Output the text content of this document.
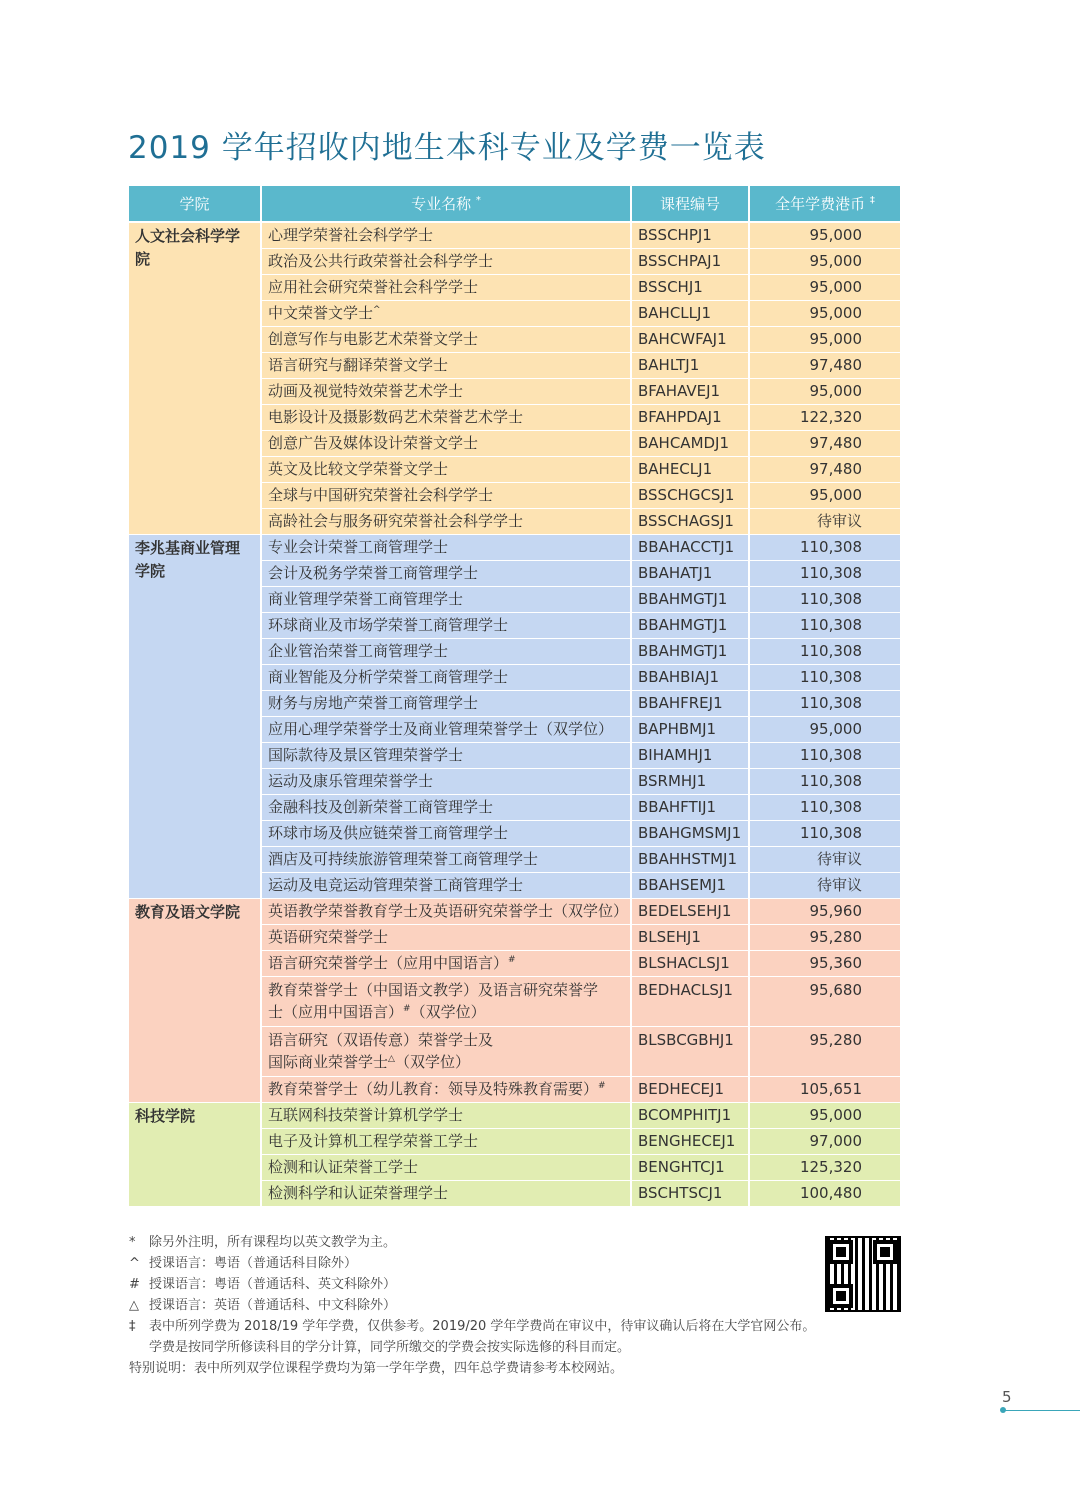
2019 学年招收内地生本科专业及学费一览表
学院	专业名称 *	课程编号	全年学费港币 ‡
人文社会科学学院	心理学荣誉社会科学学士	BSSCHPJ1	95,000
	政治及公共行政荣誉社会科学学士	BSSCHPAJ1	95,000
	应用社会研究荣誉社会科学学士	BSSCHJ1	95,000
	中文荣誉文学士^	BAHCLLJ1	95,000
	创意写作与电影艺术荣誉文学士	BAHCWFAJ1	95,000
	语言研究与翻译荣誉文学士	BAHLTJ1	97,480
	动画及视觉特效荣誉艺术学士	BFAHAVEJ1	95,000
	电影设计及摄影数码艺术荣誉艺术学士	BFAHPDAJ1	122,320
	创意广告及媒体设计荣誉文学士	BAHCAMDJ1	97,480
	英文及比较文学荣誉文学士	BAHECLJ1	97,480
	全球与中国研究荣誉社会科学学士	BSSCHGCSJ1	95,000
	高龄社会与服务研究荣誉社会科学学士	BSSCHAGSJ1	待审议
李兆基商业管理学院	专业会计荣誉工商管理学士	BBAHACCTJ1	110,308
	会计及税务学荣誉工商管理学士	BBAHATJ1	110,308
	商业管理学荣誉工商管理学士	BBAHMGTJ1	110,308
	环球商业及市场学荣誉工商管理学士	BBAHMGTJ1	110,308
	企业管治荣誉工商管理学士	BBAHMGTJ1	110,308
	商业智能及分析学荣誉工商管理学士	BBAHBIAJ1	110,308
	财务与房地产荣誉工商管理学士	BBAHFREJ1	110,308
	应用心理学荣誉学士及商业管理荣誉学士（双学位）	BAPHBMJ1	95,000
	国际款待及景区管理荣誉学士	BIHAMHJ1	110,308
	运动及康乐管理荣誉学士	BSRMHJ1	110,308
	金融科技及创新荣誉工商管理学士	BBAHFTIJ1	110,308
	环球市场及供应链荣誉工商管理学士	BBAHGMSMJ1	110,308
	酒店及可持续旅游管理荣誉工商管理学士	BBAHHSTMJ1	待审议
	运动及电竞运动管理荣誉工商管理学士	BBAHSEMJ1	待审议
教育及语文学院	英语教学荣誉教育学士及英语研究荣誉学士（双学位）	BEDELSEHJ1	95,960
	英语研究荣誉学士	BLSEHJ1	95,280
	语言研究荣誉学士（应用中国语言）#	BLSHACLSJ1	95,360
	教育荣誉学士（中国语文教学）及语言研究荣誉学
士（应用中国语言）#（双学位）	BEDHACLSJ1	95,680
	语言研究（双语传意）荣誉学士及
国际商业荣誉学士△（双学位）	BLSBCGBHJ1	95,280
	教育荣誉学士（幼儿教育：领导及特殊教育需要）#	BEDHECEJ1	105,651
科技学院	互联网科技荣誉计算机学学士	BCOMPHITJ1	95,000
	电子及计算机工程学荣誉工学士	BENGHECEJ1	97,000
	检测和认证荣誉工学士	BENGHTCJ1	125,320
	检测科学和认证荣誉理学士	BSCHTSCJ1	100,480
*	除另外注明，所有课程均以英文教学为主。
^ 授课语言：粤语（普通话科目除外）
# 授课语言：粤语（普通话科、英文科除外）
△ 授课语言：英语（普通话科、中文科除外）
‡	表中所列学费为 2018/19 学年学费，仅供参考。2019/20 学年学费尚在审议中，待审议确认后将在大学官网公布。
学费是按同学所修读科目的学分计算，同学所缴交的学费会按实际选修的科目而定。
特别说明：表中所列双学位课程学费均为第一学年学费，四年总学费请参考本校网站。
5
